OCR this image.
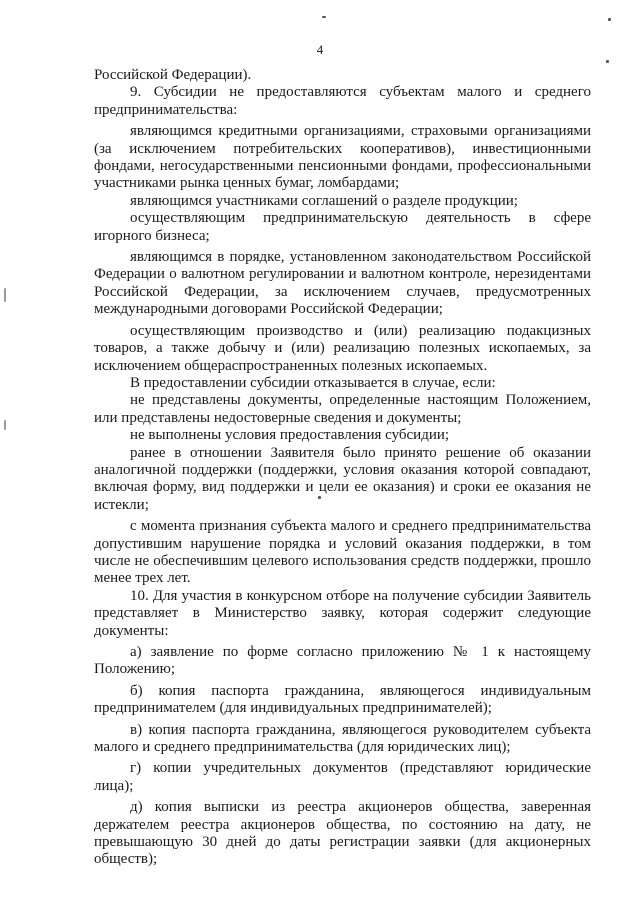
4

Российской Федерации).

9. Субсидии не предоставляются субъектам малого и среднего предпринимательства:

являющимся кредитными организациями, страховыми организациями (за исключением потребительских кооперативов), инвестиционными фондами, негосударственными пенсионными фондами, профессиональными участниками рынка ценных бумаг, ломбардами;

являющимся участниками соглашений о разделе продукции;

осуществляющим предпринимательскую деятельность в сфере игорного бизнеса;

являющимся в порядке, установленном законодательством Российской Федерации о валютном регулировании и валютном контроле, нерезидентами Российской Федерации, за исключением случаев, предусмотренных международными договорами Российской Федерации;

осуществляющим производство и (или) реализацию подакцизных товаров, а также добычу и (или) реализацию полезных ископаемых, за исключением общераспространенных полезных ископаемых.

В предоставлении субсидии отказывается в случае, если:

не представлены документы, определенные настоящим Положением, или представлены недостоверные сведения и документы;

не выполнены условия предоставления субсидии;

ранее в отношении Заявителя было принято решение об оказании аналогичной поддержки (поддержки, условия оказания которой совпадают, включая форму, вид поддержки и цели ее оказания) и сроки ее оказания не истекли;

с момента признания субъекта малого и среднего предпринимательства допустившим нарушение порядка и условий оказания поддержки, в том числе не обеспечившим целевого использования средств поддержки, прошло менее трех лет.

10. Для участия в конкурсном отборе на получение субсидии Заявитель представляет в Министерство заявку, которая содержит следующие документы:

а) заявление по форме согласно приложению № 1 к настоящему Положению;

б) копия паспорта гражданина, являющегося индивидуальным предпринимателем (для индивидуальных предпринимателей);

в) копия паспорта гражданина, являющегося руководителем субъекта малого и среднего предпринимательства (для юридических лиц);

г) копии учредительных документов (представляют юридические лица);

д) копия выписки из реестра акционеров общества, заверенная держателем реестра акционеров общества, по состоянию на дату, не превышающую 30 дней до даты регистрации заявки (для акционерных обществ);
